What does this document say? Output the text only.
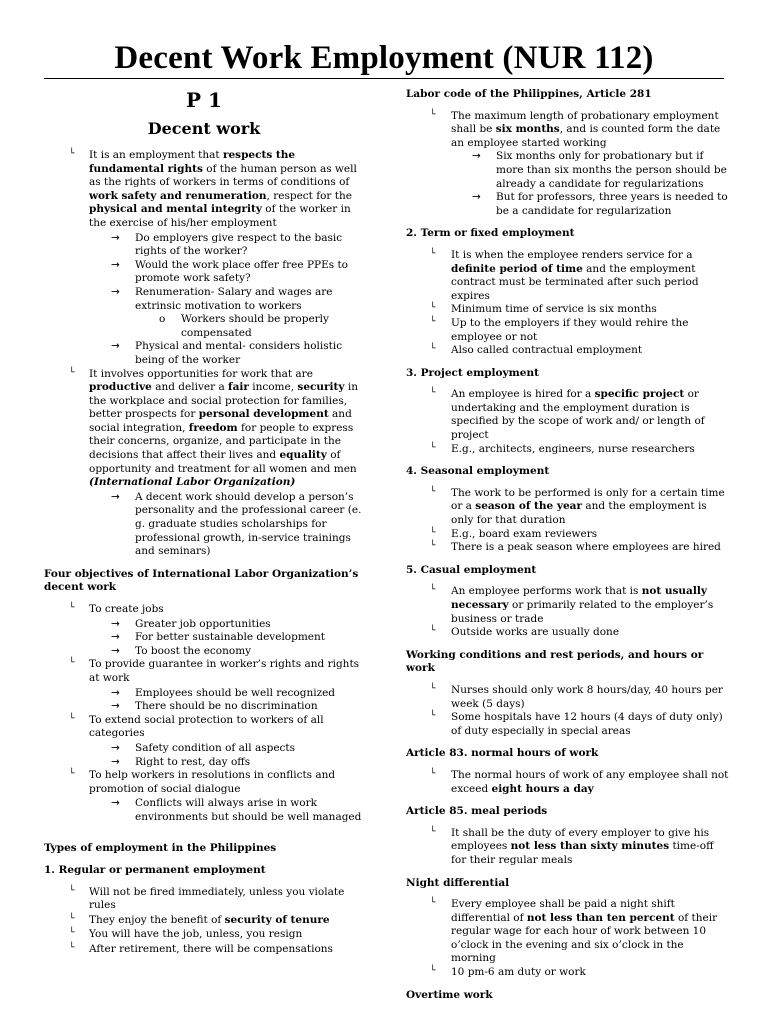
Decent Work Employment (NUR 112)
P 1
Decent work
└ It is an employment that respects the fundamental rights of the human person as well as the rights of workers in terms of conditions of work safety and renumeration, respect for the physical and mental integrity of the worker in the exercise of his/her employment
→ Do employers give respect to the basic rights of the worker?
→ Would the work place offer free PPEs to promote work safety?
→ Renumeration- Salary and wages are extrinsic motivation to workers
o Workers should be properly compensated
→ Physical and mental- considers holistic being of the worker
└ It involves opportunities for work that are productive and deliver a fair income, security in the workplace and social protection for families, better prospects for personal development and social integration, freedom for people to express their concerns, organize, and participate in the decisions that affect their lives and equality of opportunity and treatment for all women and men (International Labor Organization)
→ A decent work should develop a person’s personality and the professional career (e. g. graduate studies scholarships for professional growth, in-service trainings and seminars)
Four objectives of International Labor Organization’s decent work
└ To create jobs
→ Greater job opportunities
→ For better sustainable development
→ To boost the economy
└ To provide guarantee in worker’s rights and rights at work
→ Employees should be well recognized
→ There should be no discrimination
└ To extend social protection to workers of all categories
→ Safety condition of all aspects
→ Right to rest, day offs
└ To help workers in resolutions in conflicts and promotion of social dialogue
→ Conflicts will always arise in work environments but should be well managed
Types of employment in the Philippines
1. Regular or permanent employment
└ Will not be fired immediately, unless you violate rules
└ They enjoy the benefit of security of tenure
└ You will have the job, unless, you resign
└ After retirement, there will be compensations
Labor code of the Philippines, Article 281
└ The maximum length of probationary employment shall be six months, and is counted form the date an employee started working
→ Six months only for probationary but if more than six months the person should be already a candidate for regularizations
→ But for professors, three years is needed to be a candidate for regularization
2. Term or fixed employment
└ It is when the employee renders service for a definite period of time and the employment contract must be terminated after such period expires
└ Minimum time of service is six months
└ Up to the employers if they would rehire the employee or not
└ Also called contractual employment
3. Project employment
└ An employee is hired for a specific project or undertaking and the employment duration is specified by the scope of work and/ or length of project
└ E.g., architects, engineers, nurse researchers
4. Seasonal employment
└ The work to be performed is only for a certain time or a season of the year and the employment is only for that duration
└ E.g., board exam reviewers
└ There is a peak season where employees are hired
5. Casual employment
└ An employee performs work that is not usually necessary or primarily related to the employer’s business or trade
└ Outside works are usually done
Working conditions and rest periods, and hours or work
└ Nurses should only work 8 hours/day, 40 hours per week (5 days)
└ Some hospitals have 12 hours (4 days of duty only) of duty especially in special areas
Article 83. normal hours of work
└ The normal hours of work of any employee shall not exceed eight hours a day
Article 85. meal periods
└ It shall be the duty of every employer to give his employees not less than sixty minutes time-off for their regular meals
Night differential
└ Every employee shall be paid a night shift differential of not less than ten percent of their regular wage for each hour of work between 10 o’clock in the evening and six o’clock in the morning
└ 10 pm-6 am duty or work
Overtime work
